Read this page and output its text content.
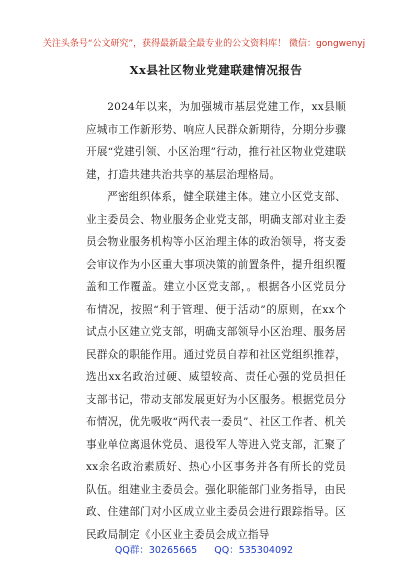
关注头条号“公文研究”，获得最新最全最专业的公文资料库！ 微信：gongwenyj

Xx县社区物业党建联建情况报告

2024年以来，为加强城市基层党建工作，xx县顺应城市工作新形势、响应人民群众新期待，分期分步骤开展“党建引领、小区治理”行动，推行社区物业党建联建，打造共建共治共享的基层治理格局。

严密组织体系，健全联建主体。建立小区党支部、业主委员会、物业服务企业党支部，明确支部对业主委员会物业服务机构等小区治理主体的政治领导，将支委会审议作为小区重大事项决策的前置条件，提升组织覆盖和工作覆盖。建立小区党支部，。根据各小区党员分布情况，按照“利于管理、便于活动”的原则，在xx个试点小区建立党支部，明确支部领导小区治理、服务居民群众的职能作用。通过党员自荐和社区党组织推荐，选出xx名政治过硬、威望较高、责任心强的党员担任支部书记，带动支部发展更好为小区服务。根据党员分布情况，优先吸收“两代表一委员”、社区工作者、机关事业单位离退休党员、退役军人等进入党支部，汇聚了xx余名政治素质好、热心小区事务并各有所长的党员队伍。组建业主委员会。强化职能部门业务指导，由民政、住建部门对小区成立业主委员会进行跟踪指导。区民政局制定《小区业主委员会成立指导

QQ群：30265665 QQ：535304092
